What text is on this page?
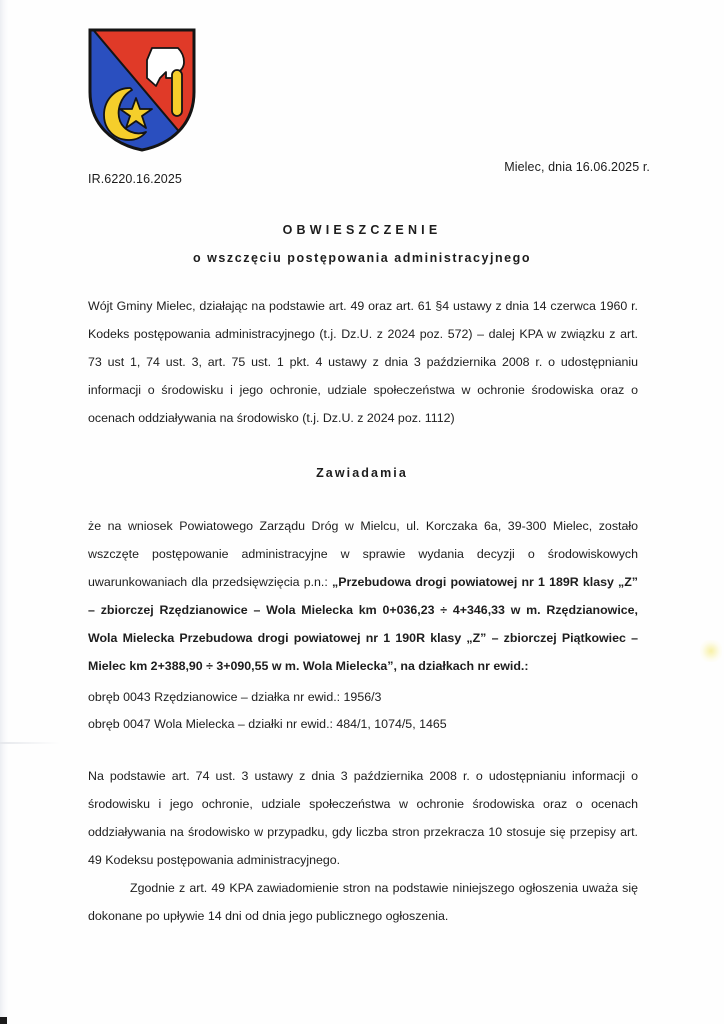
IR.6220.16.2025
Mielec, dnia 16.06.2025 r.
OBWIESZCZENIE
o wszczęciu postępowania administracyjnego
Wójt Gminy Mielec, działając na podstawie art. 49 oraz art. 61 §4 ustawy z dnia 14 czerwca 1960 r. Kodeks postępowania administracyjnego (t.j. Dz.U. z 2024 poz. 572) – dalej KPA w związku z art. 73 ust 1, 74 ust. 3, art. 75 ust. 1 pkt. 4 ustawy z dnia 3 października 2008 r. o udostępnianiu informacji o środowisku i jego ochronie, udziale społeczeństwa w ochronie środowiska oraz o ocenach oddziaływania na środowisko (t.j. Dz.U. z 2024 poz. 1112)
Zawiadamia
że na wniosek Powiatowego Zarządu Dróg w Mielcu, ul. Korczaka 6a, 39-300 Mielec, zostało wszczęte postępowanie administracyjne w sprawie wydania decyzji o środowiskowych uwarunkowaniach dla przedsięwzięcia p.n.: „Przebudowa drogi powiatowej nr 1 189R klasy „Z” – zbiorczej Rzędzianowice – Wola Mielecka km 0+036,23 ÷ 4+346,33 w m. Rzędzianowice, Wola Mielecka Przebudowa drogi powiatowej nr 1 190R klasy „Z” – zbiorczej Piątkowiec – Mielec km 2+388,90 ÷ 3+090,55 w m. Wola Mielecka”, na działkach nr ewid.:
obręb 0043 Rzędzianowice – działka nr ewid.: 1956/3
obręb 0047 Wola Mielecka – działki nr ewid.: 484/1, 1074/5, 1465
Na podstawie art. 74 ust. 3 ustawy z dnia 3 października 2008 r. o udostępnianiu informacji o środowisku i jego ochronie, udziale społeczeństwa w ochronie środowiska oraz o ocenach oddziaływania na środowisko w przypadku, gdy liczba stron przekracza 10 stosuje się przepisy art. 49 Kodeksu postępowania administracyjnego.
Zgodnie z art. 49 KPA zawiadomienie stron na podstawie niniejszego ogłoszenia uważa się dokonane po upływie 14 dni od dnia jego publicznego ogłoszenia.
